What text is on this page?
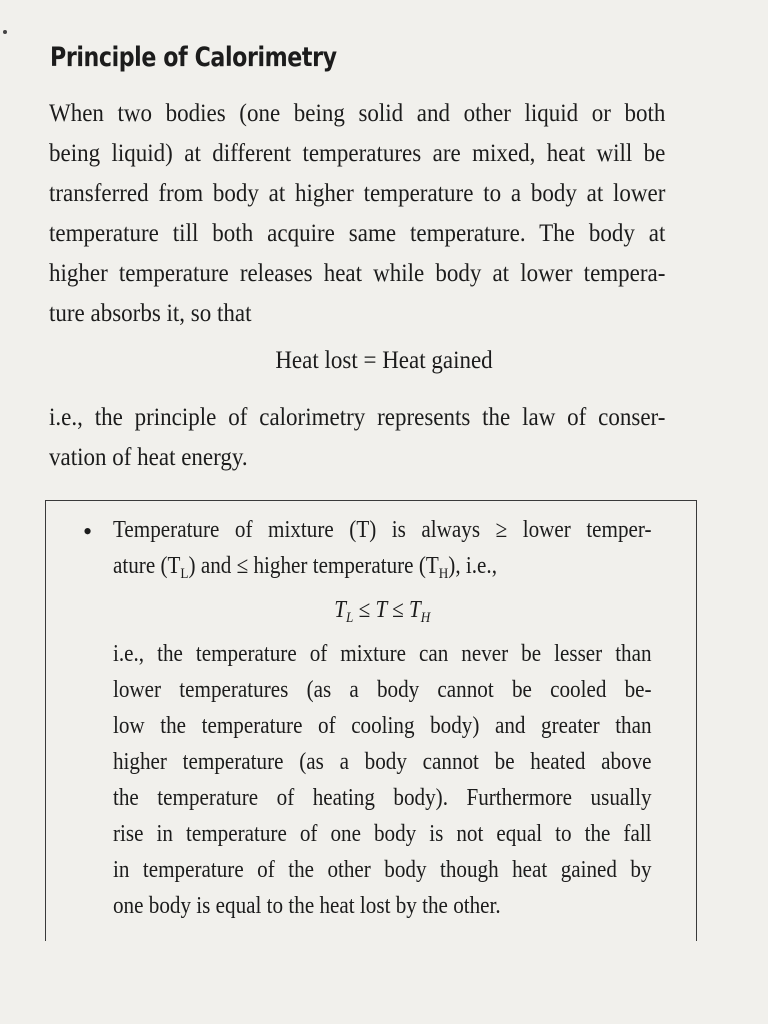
Principle of Calorimetry
When two bodies (one being solid and other liquid or both
being liquid) at different temperatures are mixed, heat will be
transferred from body at higher temperature to a body at lower
temperature till both acquire same temperature. The body at
higher temperature releases heat while body at lower tempera-
ture absorbs it, so that
Heat lost = Heat gained
i.e., the principle of calorimetry represents the law of conser-
vation of heat energy.
• Temperature of mixture (T) is always ≥ lower temper-
ature $(T_L)$ and ≤ higher temperature $(T_H)$, i.e.,
$T_L \le T \le T_H$
i.e., the temperature of mixture can never be lesser than
lower temperatures (as a body cannot be cooled be-
low the temperature of cooling body) and greater than
higher temperature (as a body cannot be heated above
the temperature of heating body). Furthermore usually
rise in temperature of one body is not equal to the fall
in temperature of the other body though heat gained by
one body is equal to the heat lost by the other.
